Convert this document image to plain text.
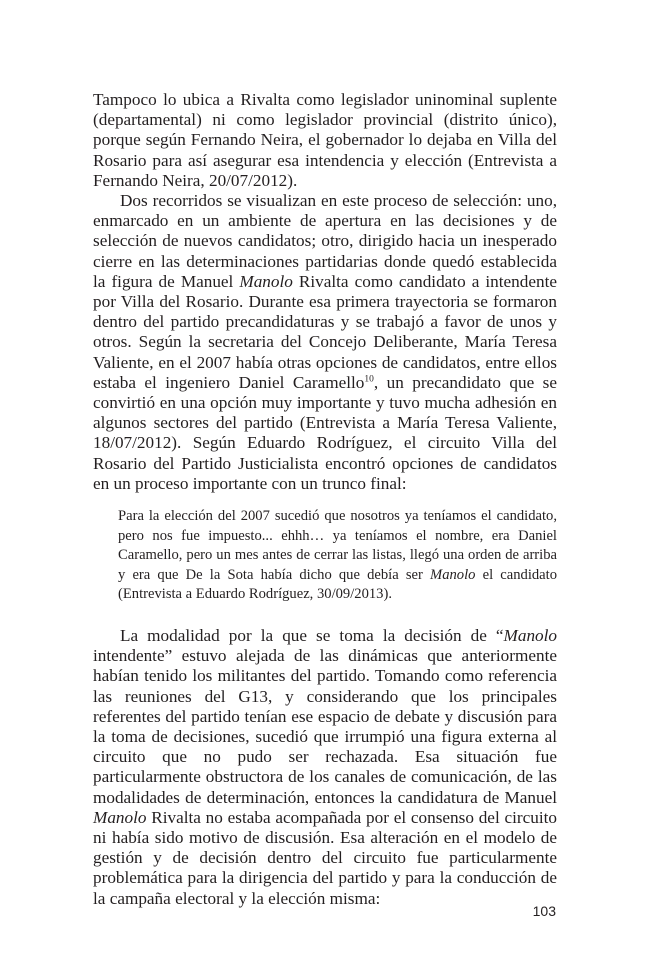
Tampoco lo ubica a Rivalta como legislador uninominal suplente (departamental) ni como legislador provincial (distrito único), porque según Fernando Neira, el gobernador lo dejaba en Villa del Rosario para así asegurar esa intendencia y elección (Entrevista a Fernando Neira, 20/07/2012).

Dos recorridos se visualizan en este proceso de selección: uno, enmarcado en un ambiente de apertura en las decisiones y de selección de nuevos candidatos; otro, dirigido hacia un inesperado cierre en las determinaciones partidarias donde quedó establecida la figura de Manuel Manolo Rivalta como candidato a intendente por Villa del Rosario. Durante esa primera trayectoria se formaron dentro del partido precandidaturas y se trabajó a favor de unos y otros. Según la secretaria del Concejo Deliberante, María Teresa Valiente, en el 2007 había otras opciones de candidatos, entre ellos estaba el ingeniero Daniel Caramello$^{10}$, un precandidato que se convirtió en una opción muy importante y tuvo mucha adhesión en algunos sectores del partido (Entrevista a María Teresa Valiente, 18/07/2012). Según Eduardo Rodríguez, el circuito Villa del Rosario del Partido Justicialista encontró opciones de candidatos en un proceso importante con un trunco final:

Para la elección del 2007 sucedió que nosotros ya teníamos el candidato, pero nos fue impuesto... ehhh… ya teníamos el nombre, era Daniel Caramello, pero un mes antes de cerrar las listas, llegó una orden de arriba y era que De la Sota había dicho que debía ser Manolo el candidato (Entrevista a Eduardo Rodríguez, 30/09/2013).

La modalidad por la que se toma la decisión de “Manolo intendente” estuvo alejada de las dinámicas que anteriormente habían tenido los militantes del partido. Tomando como referencia las reuniones del G13, y considerando que los principales referentes del partido tenían ese espacio de debate y discusión para la toma de decisiones, sucedió que irrumpió una figura externa al circuito que no pudo ser rechazada. Esa situación fue particularmente obstructora de los canales de comunicación, de las modalidades de determinación, entonces la candidatura de Manuel Manolo Rivalta no estaba acompañada por el consenso del circuito ni había sido motivo de discusión. Esa alteración en el modelo de gestión y de decisión dentro del circuito fue particularmente problemática para la dirigencia del partido y para la conducción de la campaña electoral y la elección misma:

103
